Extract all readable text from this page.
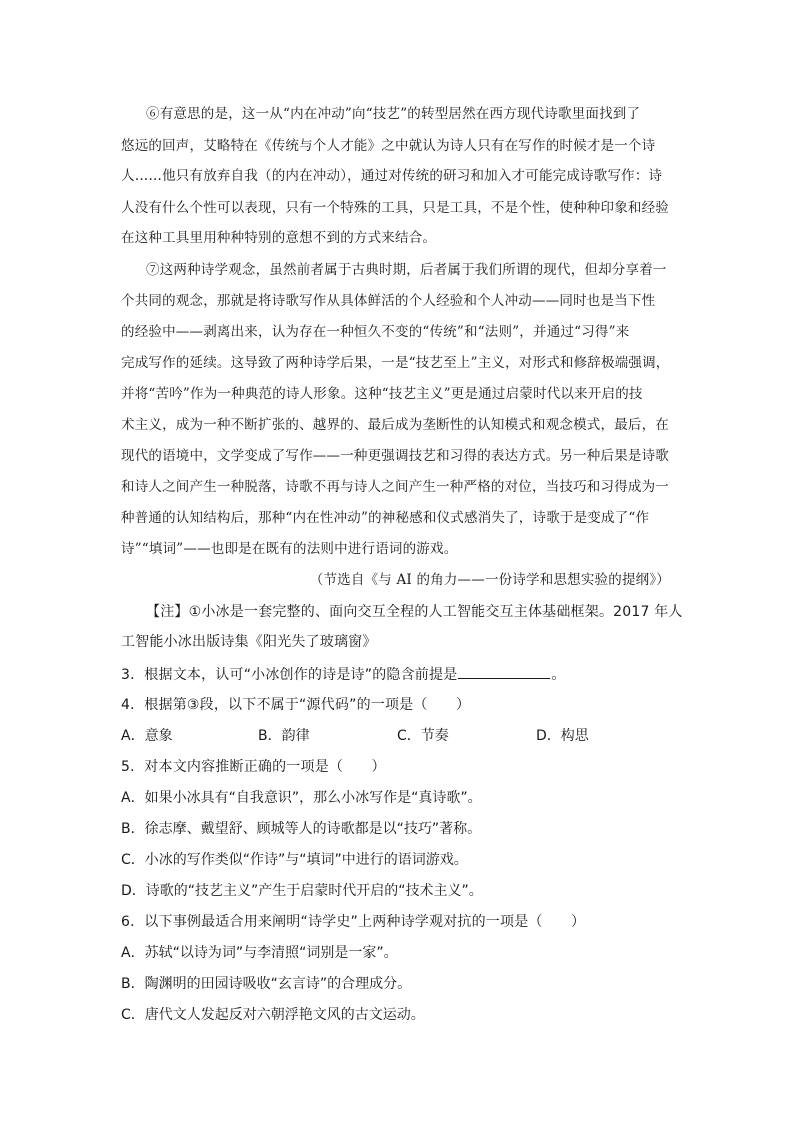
⑥有意思的是，这一从“内在冲动”向“技艺”的转型居然在西方现代诗歌里面找到了
悠远的回声，艾略特在《传统与个人才能》之中就认为诗人只有在写作的时候才是一个诗
人……他只有放弃自我（的内在冲动），通过对传统的研习和加入才可能完成诗歌写作：诗
人没有什么个性可以表现，只有一个特殊的工具，只是工具，不是个性，使种种印象和经验
在这种工具里用种种特别的意想不到的方式来结合。
⑦这两种诗学观念，虽然前者属于古典时期，后者属于我们所谓的现代，但却分享着一
个共同的观念，那就是将诗歌写作从具体鲜活的个人经验和个人冲动——同时也是当下性
的经验中——剥离出来，认为存在一种恒久不变的“传统”和“法则”，并通过“习得”来
完成写作的延续。这导致了两种诗学后果，一是“技艺至上”主义，对形式和修辞极端强调，
并将“苦吟”作为一种典范的诗人形象。这种“技艺主义”更是通过启蒙时代以来开启的技
术主义，成为一种不断扩张的、越界的、最后成为垄断性的认知模式和观念模式，最后，在
现代的语境中，文学变成了写作——一种更强调技艺和习得的表达方式。另一种后果是诗歌
和诗人之间产生一种脱落，诗歌不再与诗人之间产生一种严格的对位，当技巧和习得成为一
种普通的认知结构后，那种“内在性冲动”的神秘感和仪式感消失了，诗歌于是变成了“作
诗”“填词”——也即是在既有的法则中进行语词的游戏。
（节选自《与 AI 的角力——一份诗学和思想实验的提纲》）
【注】①小冰是一套完整的、面向交互全程的人工智能交互主体基础框架。2017 年人
工智能小冰出版诗集《阳光失了玻璃窗》
3．根据文本，认可“小冰创作的诗是诗”的隐含前提是	。
4．根据第③段，以下不属于“源代码”的一项是（　　）
A．意象	B．韵律	C．节奏	D．构思
5．对本文内容推断正确的一项是（　　）
A．如果小冰具有“自我意识”，那么小冰写作是“真诗歌”。
B．徐志摩、戴望舒、顾城等人的诗歌都是以“技巧”著称。
C．小冰的写作类似“作诗”与“填词”中进行的语词游戏。
D．诗歌的“技艺主义”产生于启蒙时代开启的“技术主义”。
6．以下事例最适合用来阐明“诗学史”上两种诗学观对抗的一项是（　　）
A．苏轼“以诗为词”与李清照“词别是一家”。
B．陶渊明的田园诗吸收“玄言诗”的合理成分。
C．唐代文人发起反对六朝浮艳文风的古文运动。
